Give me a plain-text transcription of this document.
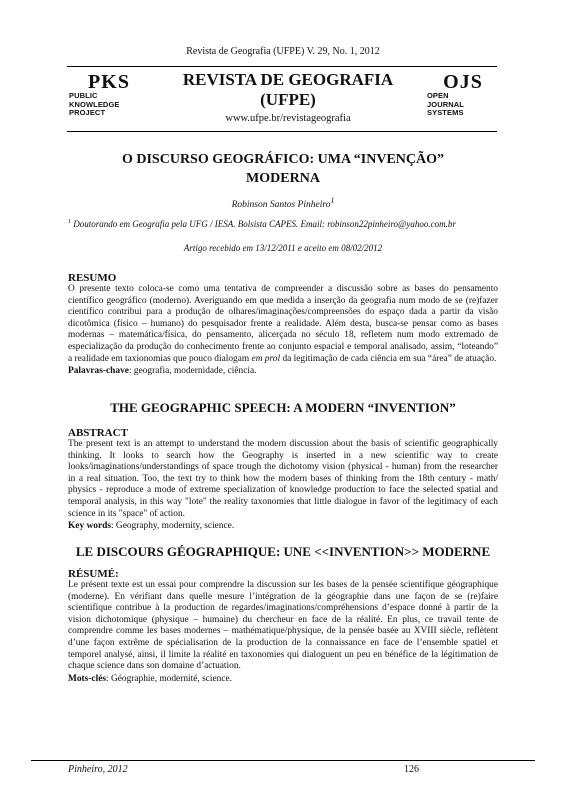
Revista de Geografia (UFPE) V. 29, No. 1, 2012
PKS
PUBLIC
KNOWLEDGE
PROJECT
REVISTA DE GEOGRAFIA
(UFPE)
www.ufpe.br/revistageografia
OJS
OPEN
JOURNAL
SYSTEMS
O DISCURSO GEOGRÁFICO: UMA “INVENÇÃO”
MODERNA
Robinson Santos Pinheiro$^1$
$^1$ Doutorando em Geografia pela UFG / IESA. Bolsista CAPES. Email: robinson22pinheiro@yahoo.com.br
Artigo recebido em 13/12/2011 e aceito em 08/02/2012
RESUMO
O presente texto coloca-se como uma tentativa de compreender a discussão sobre as bases do pensamento científico geográfico (moderno). Averiguando em que medida a inserção da geografia num modo de se (re)fazer científico contribui para a produção de olhares/imaginações/compreensões do espaço dada a partir da visão dicotômica (físico – humano) do pesquisador frente a realidade. Além desta, busca-se pensar como as bases modernas – matemática/física, do pensamento, alicerçada no século 18, refletem num modo extremado de especialização da produção do conhecimento frente ao conjunto espacial e temporal analisado, assim, “loteando” a realidade em taxionomias que pouco dialogam em prol da legitimação de cada ciência em sua “área” de atuação.
Palavras-chave: geografia, modernidade, ciência.
THE GEOGRAPHIC SPEECH: A MODERN “INVENTION”
ABSTRACT
The present text is an attempt to understand the modern discussion about the basis of scientific geographically thinking. It looks to search how the Geography is inserted in a new scientific way to create looks/imaginations/understandings of space trough the dichotomy vision (physical - human) from the researcher in a real situation. Too, the text try to think how the modern bases of thinking from the 18th century - math/ physics - reproduce a mode of extreme specialization of knowledge production to face the selected spatial and temporal analysis, in this way "lote" the reality taxonomies that little dialogue in favor of the legitimacy of each science in its "space" of action.
Key words: Geography, modernity, science.
LE DISCOURS GÉOGRAPHIQUE: UNE <<INVENTION>> MODERNE
RÉSUMÉ:
Le présent texte est un essai pour comprendre la discussion sur les bases de la pensée scientifique géographique (moderne). En vérifiant dans quelle mesure l’intégration de la géographie dans une façon de se (re)faire scientifique contribue à la production de regardes/imaginations/compréhensions d’espace donné à partir de la vision dichotomique (physique – humaine) du chercheur en face de la réalité. En plus, ce travail tente de comprendre comme les bases modernes – mathématique/physique, de la pensée basée au XVIII siècle, reflètent d’une façon extrême de spécialisation de la production de la connaissance en face de l’ensemble spatiel et temporel analysé, ainsi, il limite la réalité en taxonomies qui dialoguent un peu en bénéfice de la légitimation de chaque science dans son domaine d’actuation.
Mots-clés: Géographie, modernité, science.
Pinheiro, 2012	126
